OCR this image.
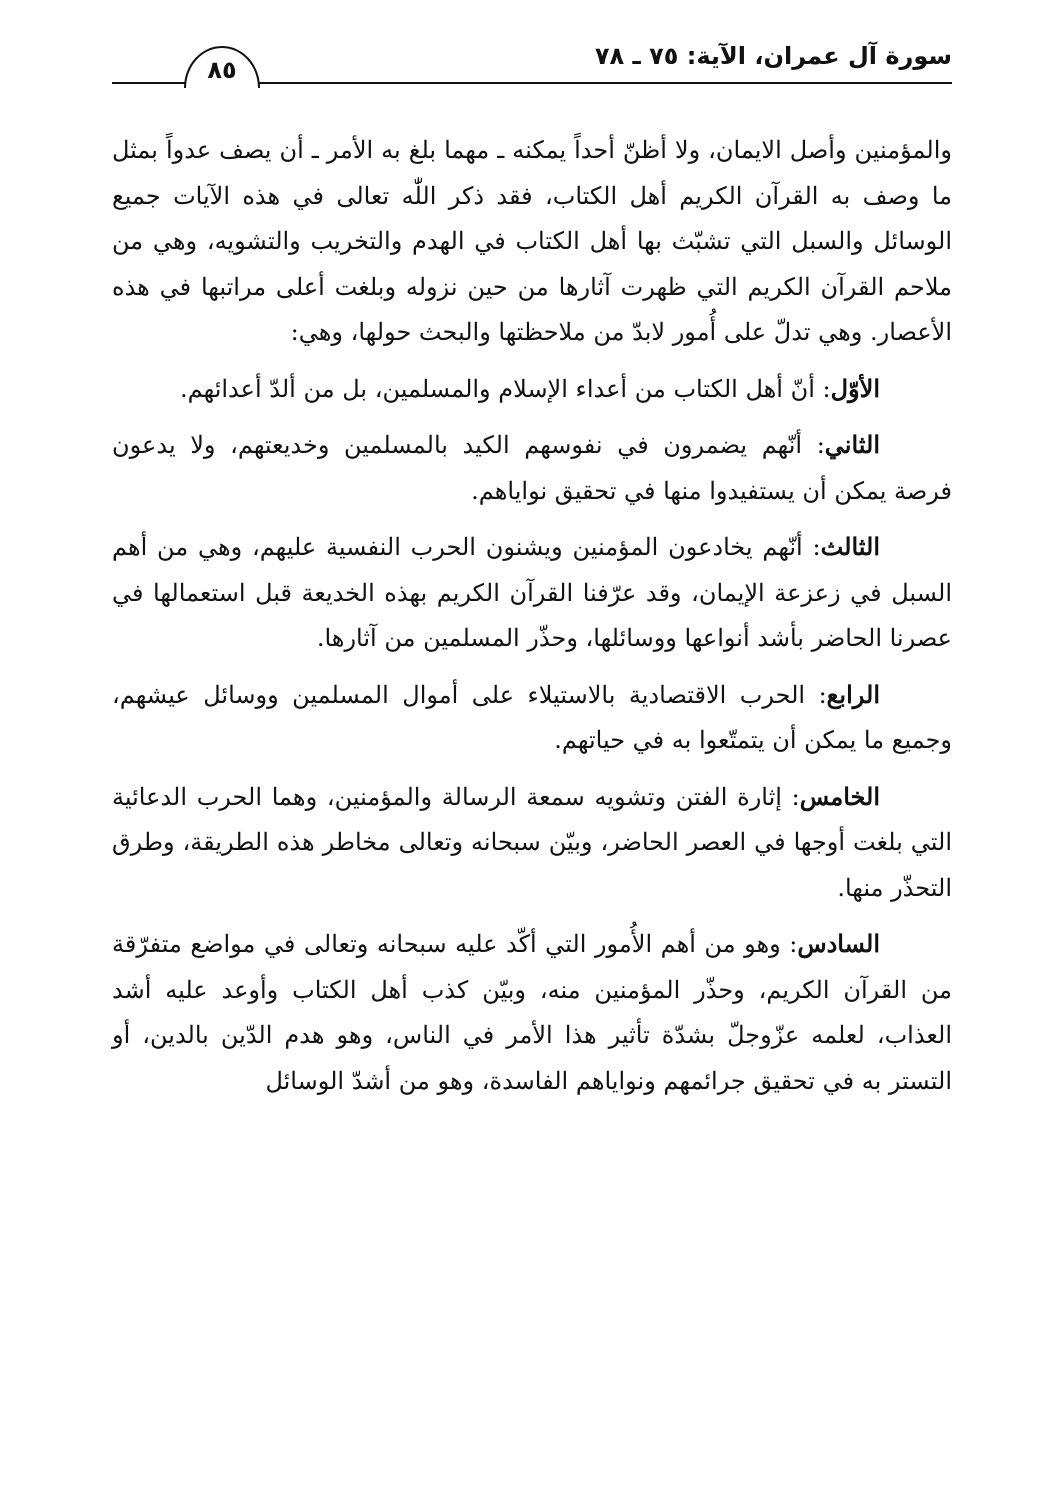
سورة آل عمران، الآية: ٧٥ ـ ٧٨
٨٥

والمؤمنين وأصل الايمان، ولا أظنّ أحداً يمكنه ـ مهما بلغ به الأمر ـ أن يصف عدواً بمثل ما وصف به القرآن الكريم أهل الكتاب، فقد ذكر اللّٰه تعالى في هذه الآيات جميع الوسائل والسبل التي تشبّث بها أهل الكتاب في الهدم والتخريب والتشويه، وهي من ملاحم القرآن الكريم التي ظهرت آثارها من حين نزوله وبلغت أعلى مراتبها في هذه الأعصار. وهي تدلّ على أُمور لابدّ من ملاحظتها والبحث حولها، وهي:

الأوّل: أنّ أهل الكتاب من أعداء الإسلام والمسلمين، بل من ألدّ أعدائهم.

الثاني: أنّهم يضمرون في نفوسهم الكيد بالمسلمين وخديعتهم، ولا يدعون فرصة يمكن أن يستفيدوا منها في تحقيق نواياهم.

الثالث: أنّهم يخادعون المؤمنين ويشنون الحرب النفسية عليهم، وهي من أهم السبل في زعزعة الإيمان، وقد عرّفنا القرآن الكريم بهذه الخديعة قبل استعمالها في عصرنا الحاضر بأشد أنواعها ووسائلها، وحذّر المسلمين من آثارها.

الرابع: الحرب الاقتصادية بالاستيلاء على أموال المسلمين ووسائل عيشهم، وجميع ما يمكن أن يتمتّعوا به في حياتهم.

الخامس: إثارة الفتن وتشويه سمعة الرسالة والمؤمنين، وهما الحرب الدعائية التي بلغت أوجها في العصر الحاضر، وبيّن سبحانه وتعالى مخاطر هذه الطريقة، وطرق التحذّر منها.

السادس: وهو من أهم الأُمور التي أكّد عليه سبحانه وتعالى في مواضع متفرّقة من القرآن الكريم، وحذّر المؤمنين منه، وبيّن كذب أهل الكتاب وأوعد عليه أشد العذاب، لعلمه عزّوجلّ بشدّة تأثير هذا الأمر في الناس، وهو هدم الدّين بالدين، أو التستر به في تحقيق جرائمهم ونواياهم الفاسدة، وهو من أشدّ الوسائل
